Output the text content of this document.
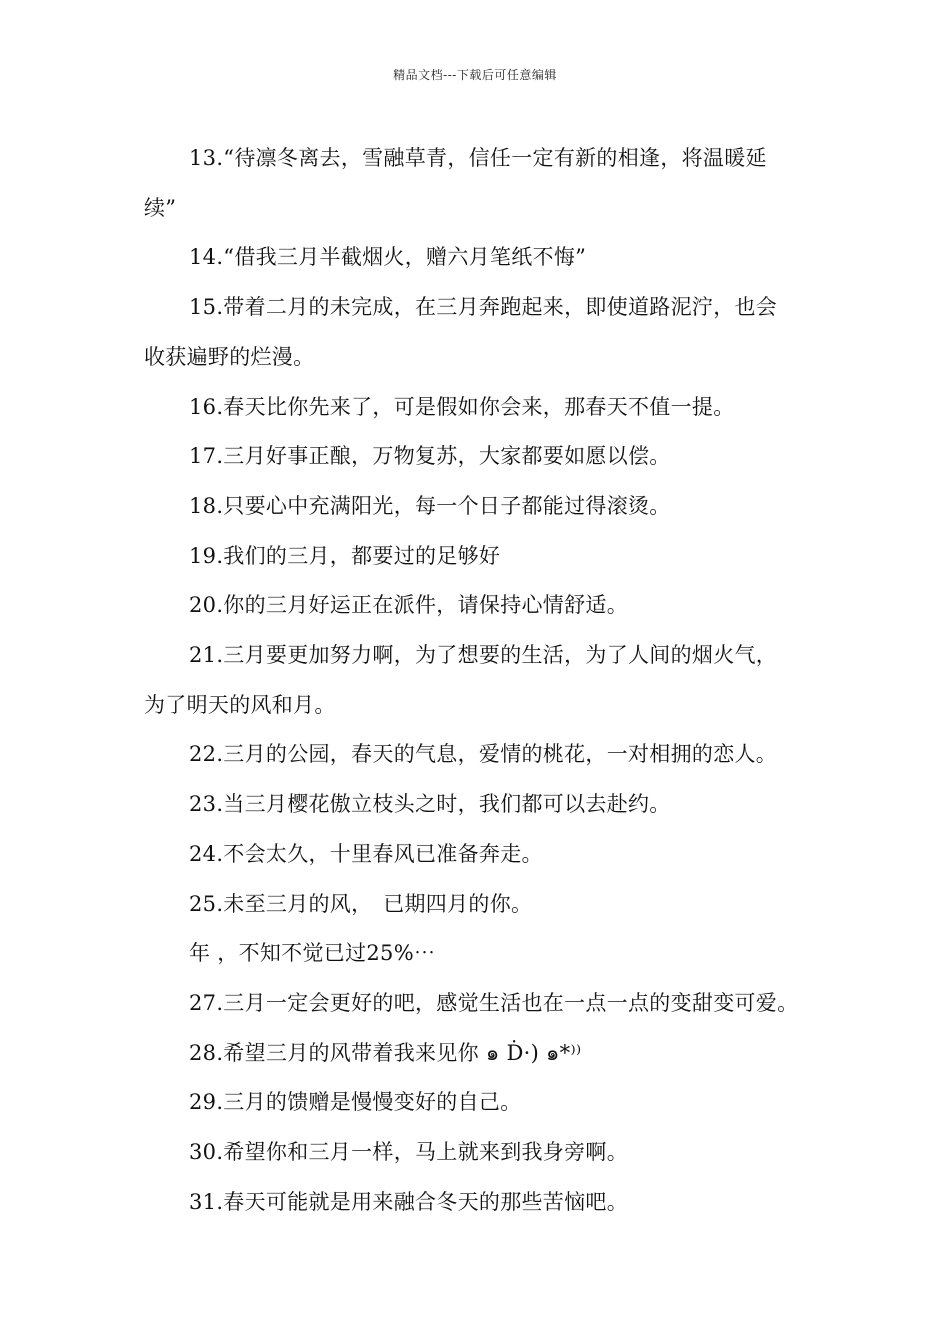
精品文档---下载后可任意编辑
13.“待凛冬离去，雪融草青，信任一定有新的相逢，将温暖延
续”
14.“借我三月半截烟火，赠六月笔纸不悔”
15.带着二月的未完成，在三月奔跑起来，即使道路泥泞，也会
收获遍野的烂漫。
16.春天比你先来了，可是假如你会来，那春天不值一提。
17.三月好事正酿，万物复苏，大家都要如愿以偿。
18.只要心中充满阳光，每一个日子都能过得滚烫。
19.我们的三月，都要过的足够好
20.你的三月好运正在派件，请保持心情舒适。
21.三月要更加努力啊，为了想要的生活，为了人间的烟火气，
为了明天的风和月。
22.三月的公园，春天的气息，爱情的桃花，一对相拥的恋人。
23.当三月樱花傲立枝头之时，我们都可以去赴约。
24.不会太久，十里春风已准备奔走。
25.未至三月的风，　已期四月的你。
年 ，不知不觉已过25%⋯
27.三月一定会更好的吧，感觉生活也在一点一点的变甜变可爱。
28.希望三月的风带着我来见你 ๑ Ḋ·) ๑*⁾⁾
29.三月的馈赠是慢慢变好的自己。
30.希望你和三月一样，马上就来到我身旁啊。
31.春天可能就是用来融合冬天的那些苦恼吧。
